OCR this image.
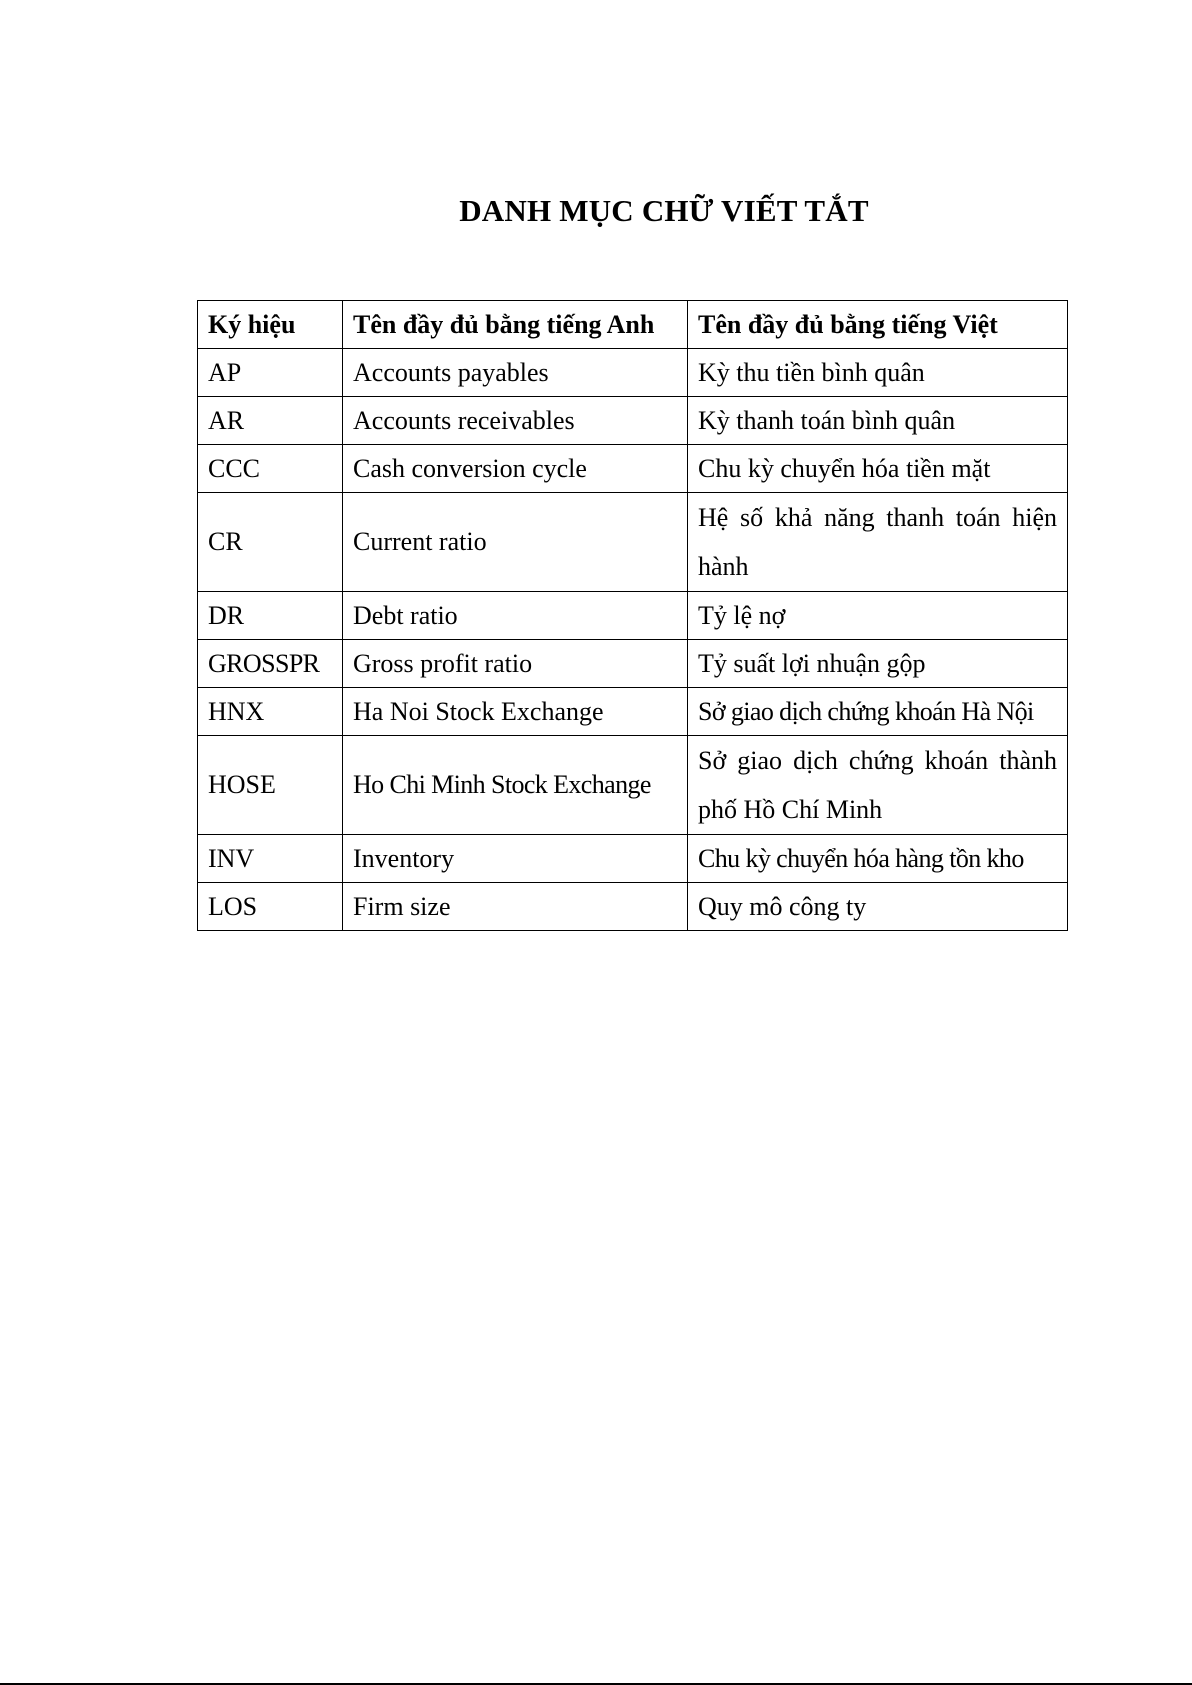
DANH MỤC CHỮ VIẾT TẮT
Ký hiệu	Tên đầy đủ bằng tiếng Anh	Tên đầy đủ bằng tiếng Việt
AP	Accounts payables	Kỳ thu tiền bình quân
AR	Accounts receivables	Kỳ thanh toán bình quân
CCC	Cash conversion cycle	Chu kỳ chuyển hóa tiền mặt
CR	Current ratio	Hệ số khả năng thanh toán hiện hành
DR	Debt ratio	Tỷ lệ nợ
GROSSPR	Gross profit ratio	Tỷ suất lợi nhuận gộp
HNX	Ha Noi Stock Exchange	Sở giao dịch chứng khoán Hà Nội
HOSE	Ho Chi Minh Stock Exchange	Sở giao dịch chứng khoán thành phố Hồ Chí Minh
INV	Inventory	Chu kỳ chuyển hóa hàng tồn kho
LOS	Firm size	Quy mô công ty
